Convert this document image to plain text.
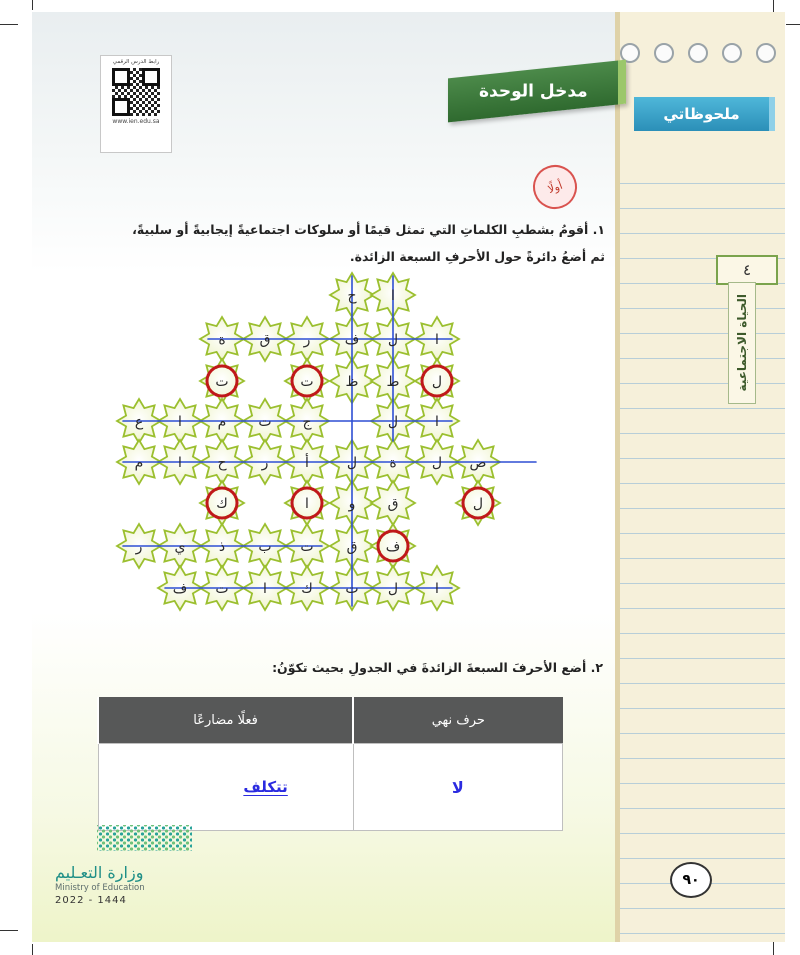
ملحوظاتي
٤
الحياة الاجتماعية
٩٠
رابط الدرس الرقمي
www.ien.edu.sa
مدخل الوحدة
أولًا
١. أقومُ بشطبِ الكلماتِ التي تمثل قيمًا أو سلوكات اجتماعيةً إيجابيةً أو سلبيةً،
ثم أضعُ دائرةً حول الأحرفِ السبعة الزائدة.
ح ا
ة ق ر ف ل	ا
ت	ت ظ ط ل
ع ا	م ت ج	ل	ا
م ا	ح	ر	أ	ل ة	ل ص
ك	ا	و ق	ل
ر ي ذ ب ت ق ف
ف ت ا ك ت ل	ا
٢. أضع الأحرفَ السبعةَ الزائدةَ في الجدولِ بحيث تكوّنُ:
حرف نهي	فعلًا مضارعًا
لا	تتكلف
وزارة التعـليم
Ministry of Education
2022 - 1444
